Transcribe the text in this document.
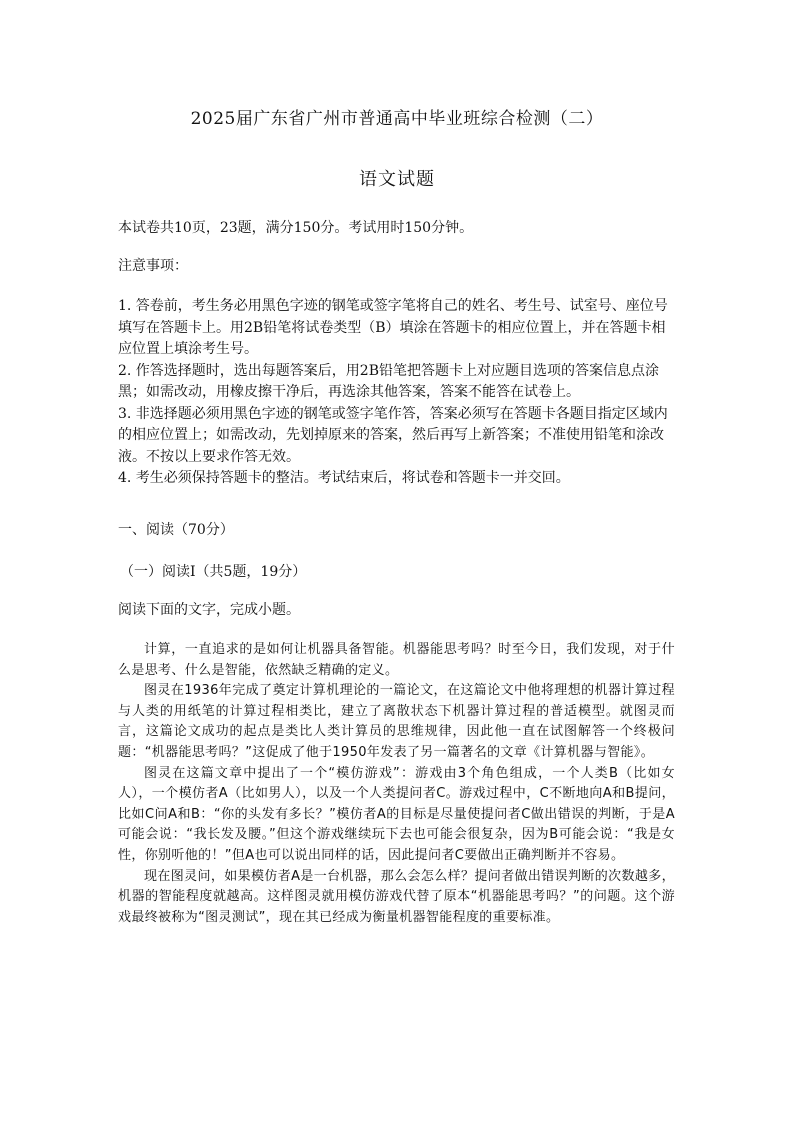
2025届广东省广州市普通高中毕业班综合检测（二）
语文试题
本试卷共10页，23题，满分150分。考试用时150分钟。
注意事项：
1. 答卷前，考生务必用黑色字迹的钢笔或签字笔将自己的姓名、考生号、试室号、座位号填写在答题卡上。用2B铅笔将试卷类型（B）填涂在答题卡的相应位置上，并在答题卡相应位置上填涂考生号。
2. 作答选择题时，选出每题答案后，用2B铅笔把答题卡上对应题目选项的答案信息点涂黑；如需改动，用橡皮擦干净后，再选涂其他答案，答案不能答在试卷上。
3. 非选择题必须用黑色字迹的钢笔或签字笔作答，答案必须写在答题卡各题目指定区域内的相应位置上；如需改动，先划掉原来的答案，然后再写上新答案；不准使用铅笔和涂改液。不按以上要求作答无效。
4. 考生必须保持答题卡的整洁。考试结束后，将试卷和答题卡一并交回。
一、阅读（70分）
（一）阅读Ⅰ（共5题，19分）
阅读下面的文字，完成小题。

计算，一直追求的是如何让机器具备智能。机器能思考吗？时至今日，我们发现，对于什么是思考、什么是智能，依然缺乏精确的定义。

图灵在1936年完成了奠定计算机理论的一篇论文，在这篇论文中他将理想的机器计算过程与人类的用纸笔的计算过程相类比，建立了离散状态下机器计算过程的普适模型。就图灵而言，这篇论文成功的起点是类比人类计算员的思维规律，因此他一直在试图解答一个终极问题：“机器能思考吗？”这促成了他于1950年发表了另一篇著名的文章《计算机器与智能》。

图灵在这篇文章中提出了一个“模仿游戏”：游戏由3个角色组成，一个人类B（比如女人），一个模仿者A（比如男人），以及一个人类提问者C。游戏过程中，C不断地向A和B提问，比如C问A和B：“你的头发有多长？”模仿者A的目标是尽量使提问者C做出错误的判断，于是A可能会说：“我长发及腰。”但这个游戏继续玩下去也可能会很复杂，因为B可能会说：“我是女性，你别听他的！”但A也可以说出同样的话，因此提问者C要做出正确判断并不容易。

现在图灵问，如果模仿者A是一台机器，那么会怎么样？提问者做出错误判断的次数越多，机器的智能程度就越高。这样图灵就用模仿游戏代替了原本“机器能思考吗？”的问题。这个游戏最终被称为“图灵测试”，现在其已经成为衡量机器智能程度的重要标准。
